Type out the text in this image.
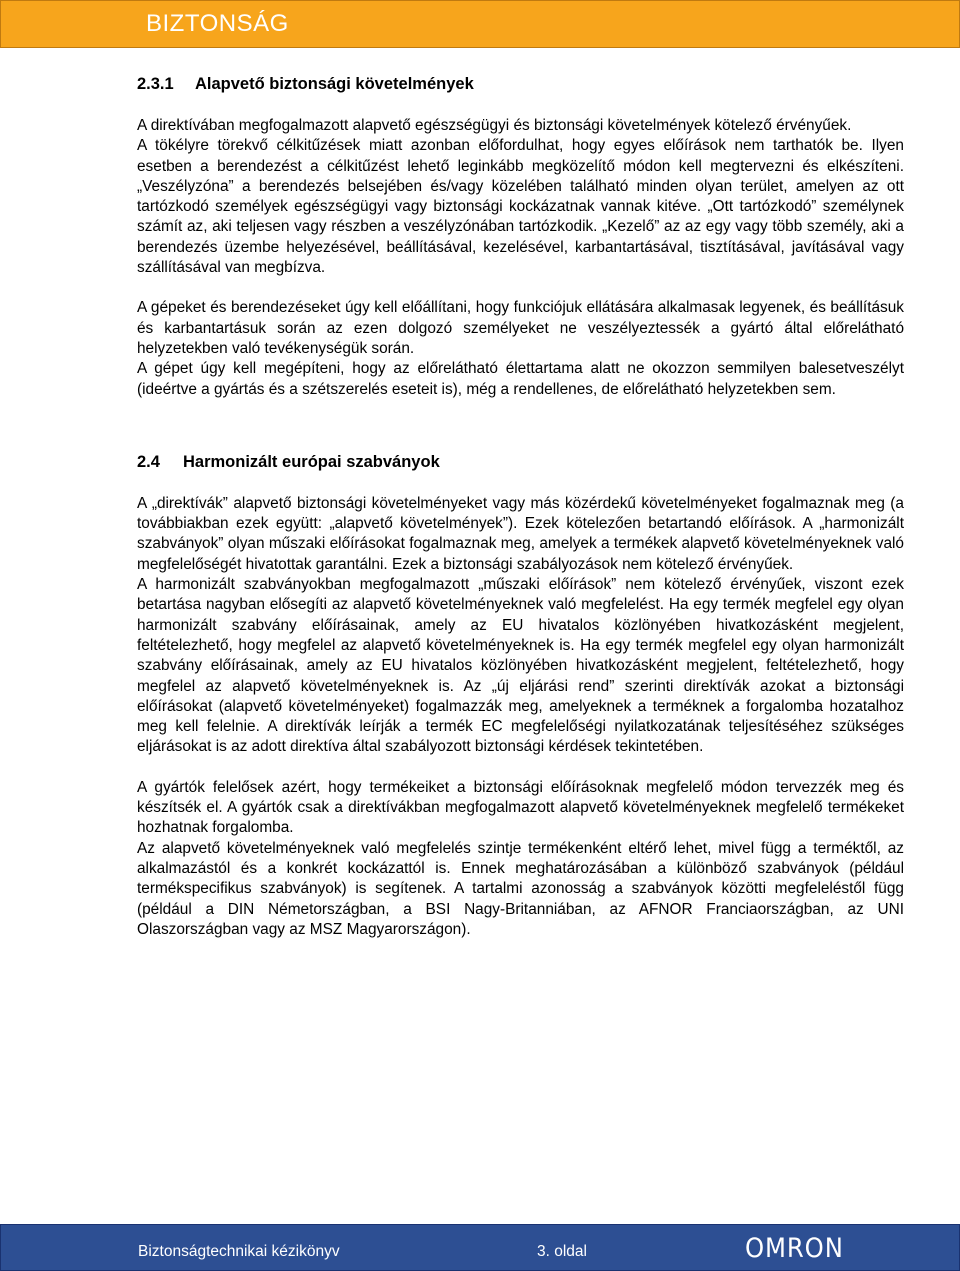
BIZTONSÁG
2.3.1 Alapvető biztonsági követelmények

A direktívában megfogalmazott alapvető egészségügyi és biztonsági követelmények kötelező érvényűek.

A tökélyre törekvő célkitűzések miatt azonban előfordulhat, hogy egyes előírások nem tarthatók be. Ilyen esetben a berendezést a célkitűzést lehető leginkább megközelítő módon kell megtervezni és elkészíteni. „Veszélyzóna” a berendezés belsejében és/vagy közelében található minden olyan terület, amelyen az ott tartózkodó személyek egészségügyi vagy biztonsági kockázatnak vannak kitéve. „Ott tartózkodó” személynek számít az, aki teljesen vagy részben a veszélyzónában tartózkodik. „Kezelő” az az egy vagy több személy, aki a berendezés üzembe helyezésével, beállításával, kezelésével, karbantartásával, tisztításával, javításával vagy szállításával van megbízva.

A gépeket és berendezéseket úgy kell előállítani, hogy funkciójuk ellátására alkalmasak legyenek, és beállításuk és karbantartásuk során az ezen dolgozó személyeket ne veszélyeztessék a gyártó által előrelátható helyzetekben való tevékenységük során.

A gépet úgy kell megépíteni, hogy az előrelátható élettartama alatt ne okozzon semmilyen balesetveszélyt (ideértve a gyártás és a szétszerelés eseteit is), még a rendellenes, de előrelátható helyzetekben sem.

2.4 Harmonizált európai szabványok

A „direktívák” alapvető biztonsági követelményeket vagy más közérdekű követelményeket fogalmaznak meg (a továbbiakban ezek együtt: „alapvető követelmények”). Ezek kötelezően betartandó előírások. A „harmonizált szabványok” olyan műszaki előírásokat fogalmaznak meg, amelyek a termékek alapvető követelményeknek való megfelelőségét hivatottak garantálni. Ezek a biztonsági szabályozások nem kötelező érvényűek.

A harmonizált szabványokban megfogalmazott „műszaki előírások” nem kötelező érvényűek, viszont ezek betartása nagyban elősegíti az alapvető követelményeknek való megfelelést. Ha egy termék megfelel egy olyan harmonizált szabvány előírásainak, amely az EU hivatalos közlönyében hivatkozásként megjelent, feltételezhető, hogy megfelel az alapvető követelményeknek is. Ha egy termék megfelel egy olyan harmonizált szabvány előírásainak, amely az EU hivatalos közlönyében hivatkozásként megjelent, feltételezhető, hogy megfelel az alapvető követelményeknek is. Az „új eljárási rend” szerinti direktívák azokat a biztonsági előírásokat (alapvető követelményeket) fogalmazzák meg, amelyeknek a terméknek a forgalomba hozatalhoz meg kell felelnie. A direktívák leírják a termék EC megfelelőségi nyilatkozatának teljesítéséhez szükséges eljárásokat is az adott direktíva által szabályozott biztonsági kérdések tekintetében.

A gyártók felelősek azért, hogy termékeiket a biztonsági előírásoknak megfelelő módon tervezzék meg és készítsék el. A gyártók csak a direktívákban megfogalmazott alapvető követelményeknek megfelelő termékeket hozhatnak forgalomba.

Az alapvető követelményeknek való megfelelés szintje termékenként eltérő lehet, mivel függ a terméktől, az alkalmazástól és a konkrét kockázattól is. Ennek meghatározásában a különböző szabványok (például termékspecifikus szabványok) is segítenek. A tartalmi azonosság a szabványok közötti megfeleléstől függ (például a DIN Németországban, a BSI Nagy-Britanniában, az AFNOR Franciaországban, az UNI Olaszországban vagy az MSZ Magyarországon).

Biztonságtechnikai kézikönyv	3. oldal	OMRON
